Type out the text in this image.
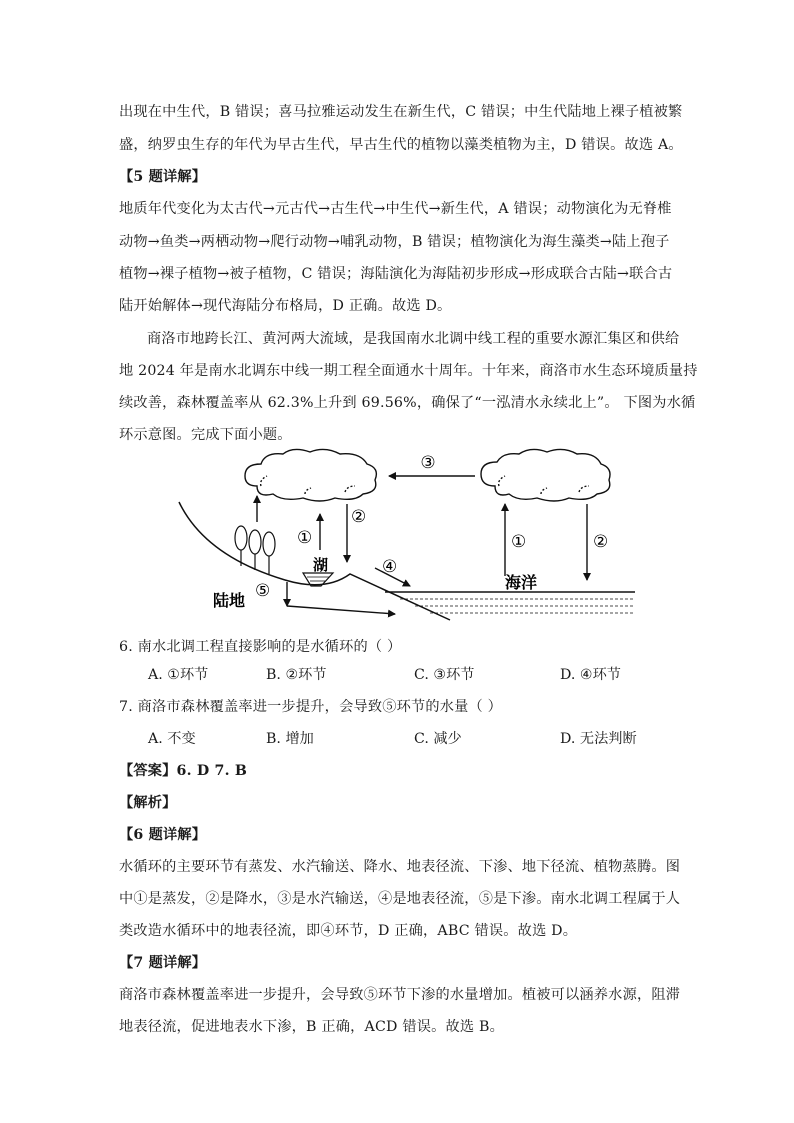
出现在中生代，B 错误；喜马拉雅运动发生在新生代，C 错误；中生代陆地上裸子植被繁
盛，纳罗虫生存的年代为早古生代，早古生代的植物以藻类植物为主，D 错误。故选 A。
【5 题详解】
地质年代变化为太古代→元古代→古生代→中生代→新生代，A 错误；动物演化为无脊椎
动物→鱼类→两栖动物→爬行动物→哺乳动物，B 错误；植物演化为海生藻类→陆上孢子
植物→裸子植物→被子植物，C 错误；海陆演化为海陆初步形成→形成联合古陆→联合古
陆开始解体→现代海陆分布格局，D 正确。故选 D。
商洛市地跨长江、黄河两大流域，是我国南水北调中线工程的重要水源汇集区和供给
地 2024 年是南水北调东中线一期工程全面通水十周年。十年来，商洛市水生态环境质量持
续改善，森林覆盖率从 62.3%上升到 69.56%，确保了“一泓清水永续北上”。 下图为水循
环示意图。完成下面小题。
③
①
②
④
⑤
①	②
湖
陆地
海洋
6. 南水北调工程直接影响的是水循环的（ ）
A. ①环节	B. ②环节	C. ③环节	D. ④环节
7. 商洛市森林覆盖率进一步提升，会导致⑤环节的水量（ ）
A. 不变	B. 增加	C. 减少	D. 无法判断
【答案】6. D 7. B
【解析】
【6 题详解】
水循环的主要环节有蒸发、水汽输送、降水、地表径流、下渗、地下径流、植物蒸腾。图
中①是蒸发，②是降水，③是水汽输送，④是地表径流，⑤是下渗。南水北调工程属于人
类改造水循环中的地表径流，即④环节，D 正确，ABC 错误。故选 D。
【7 题详解】
商洛市森林覆盖率进一步提升，会导致⑤环节下渗的水量增加。植被可以涵养水源，阻滞
地表径流，促进地表水下渗，B 正确，ACD 错误。故选 B。
